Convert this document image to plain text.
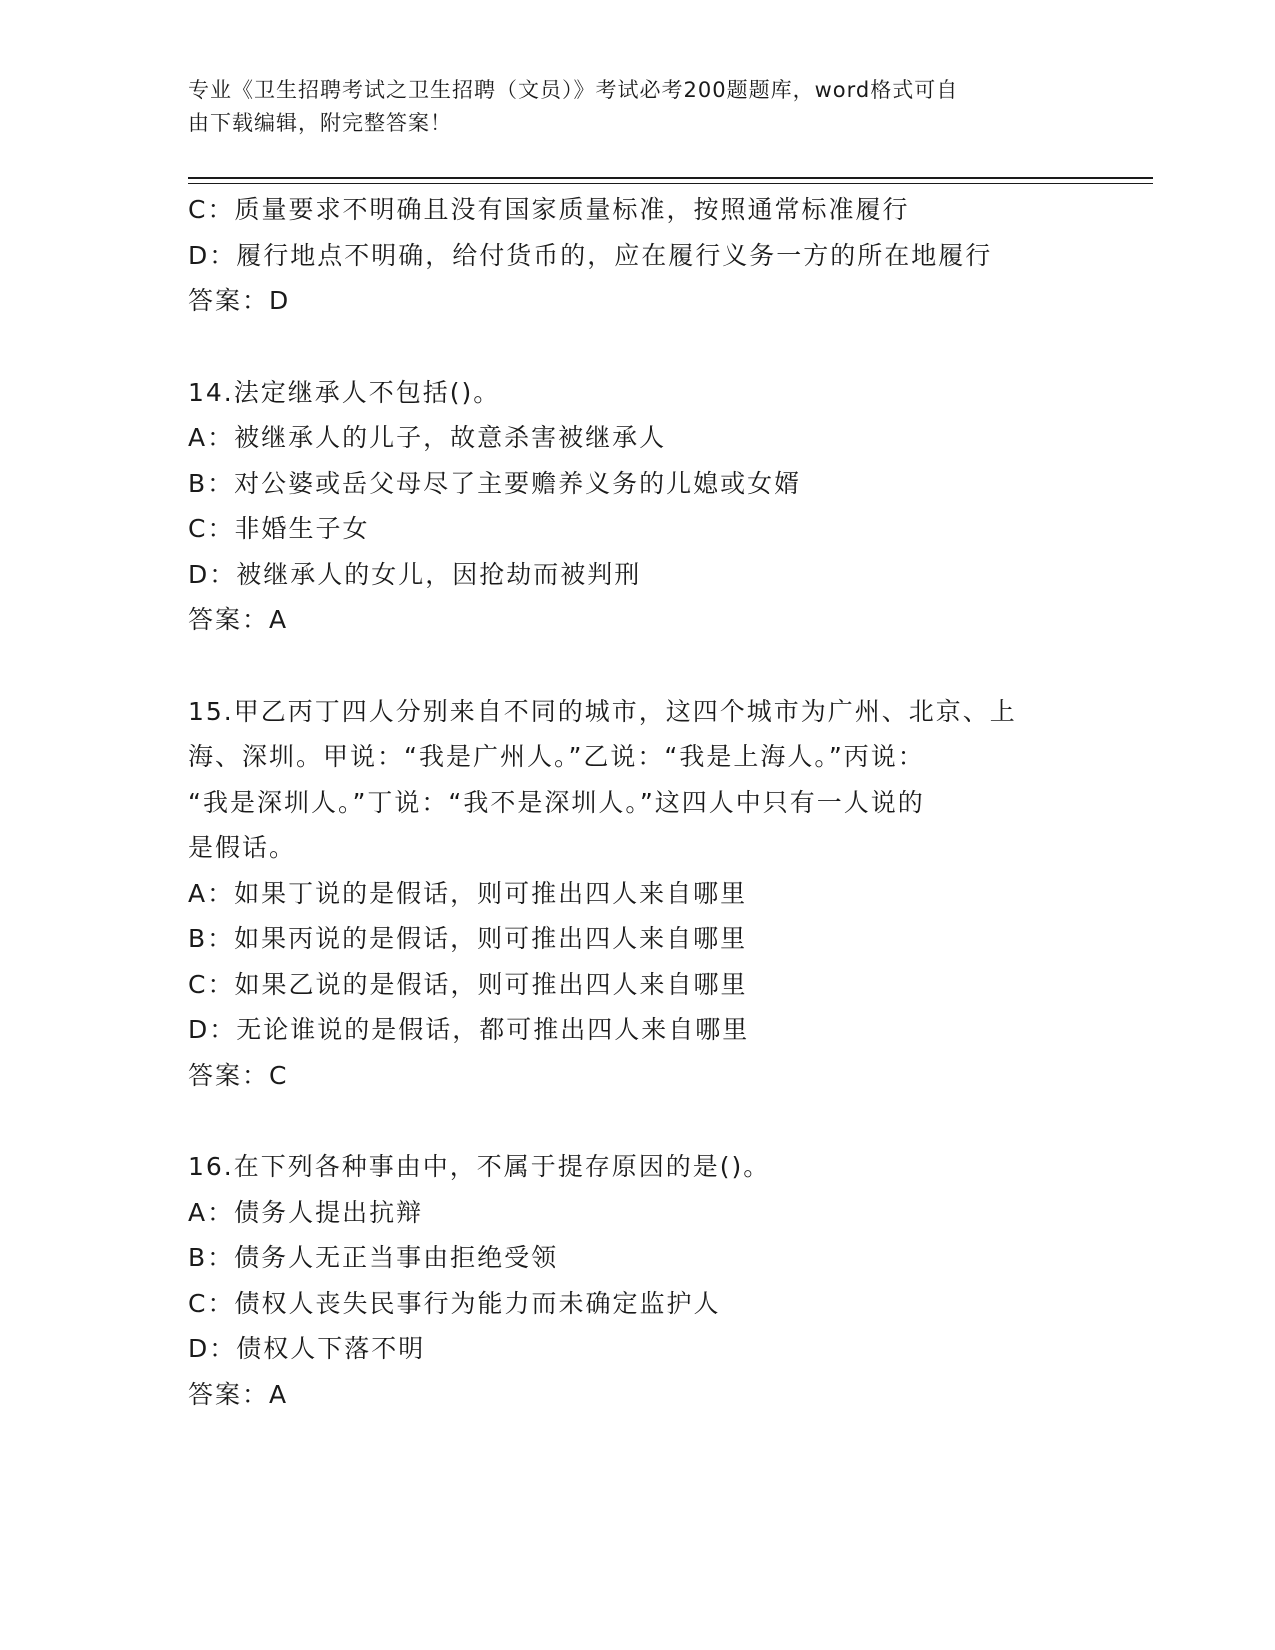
专业《卫生招聘考试之卫生招聘（文员）》考试必考200题题库，word格式可自
由下载编辑，附完整答案！
C：质量要求不明确且没有国家质量标准，按照通常标准履行
D：履行地点不明确，给付货币的，应在履行义务一方的所在地履行
答案：D
14.法定继承人不包括()。
A：被继承人的儿子，故意杀害被继承人
B：对公婆或岳父母尽了主要赡养义务的儿媳或女婿
C：非婚生子女
D：被继承人的女儿，因抢劫而被判刑
答案：A
15.甲乙丙丁四人分别来自不同的城市，这四个城市为广州、北京、上
海、深圳。甲说：“我是广州人。”乙说：“我是上海人。”丙说：
“我是深圳人。”丁说：“我不是深圳人。”这四人中只有一人说的
是假话。
A：如果丁说的是假话，则可推出四人来自哪里
B：如果丙说的是假话，则可推出四人来自哪里
C：如果乙说的是假话，则可推出四人来自哪里
D：无论谁说的是假话，都可推出四人来自哪里
答案：C
16.在下列各种事由中，不属于提存原因的是()。
A：债务人提出抗辩
B：债务人无正当事由拒绝受领
C：债权人丧失民事行为能力而未确定监护人
D：债权人下落不明
答案：A
